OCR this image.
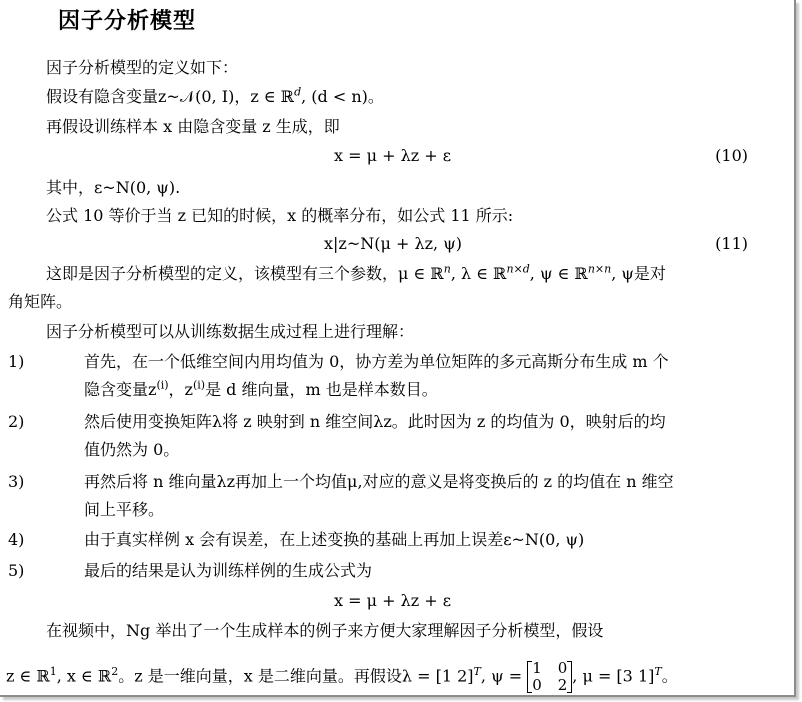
因子分析模型
因子分析模型的定义如下：
假设有隐含变量z~𝒩(0, I)，z ∈ ℝ$^d$, (d < n)。
再假设训练样本 x 由隐含变量 z 生成，即
x = μ + λz + ε	(10)
其中，ε~N(0, ψ).
公式 10 等价于当 z 已知的时候，x 的概率分布，如公式 11 所示:
x|z~N(μ + λz, ψ)	(11)
这即是因子分析模型的定义，该模型有三个参数，μ ∈ ℝ$^n$, λ ∈ ℝ$^{n\times d}$, ψ ∈ ℝ$^{n\times n}$, ψ是对
角矩阵。
因子分析模型可以从训练数据生成过程上进行理解：
1)	首先，在一个低维空间内用均值为 0，协方差为单位矩阵的多元高斯分布生成 m 个
隐含变量$z^{(i)}$，$z^{(i)}$是 d 维向量，m 也是样本数目。
2)	然后使用变换矩阵λ将 z 映射到 n 维空间λz。此时因为 z 的均值为 0，映射后的均
值仍然为 0。
3)	再然后将 n 维向量λz再加上一个均值μ,对应的意义是将变换后的 z 的均值在 n 维空
间上平移。
4)	由于真实样例 x 会有误差，在上述变换的基础上再加上误差ε~N(0, ψ)
5)	最后的结果是认为训练样例的生成公式为
x = μ + λz + ε
在视频中，Ng 举出了一个生成样本的例子来方便大家理解因子分析模型，假设
z ∈ ℝ$^1$, x ∈ ℝ$^2$。z 是一维向量，x 是二维向量。再假设λ = [1 2]$^T$, ψ = 1 0
0 2 , μ = [3 1]$^T$。
